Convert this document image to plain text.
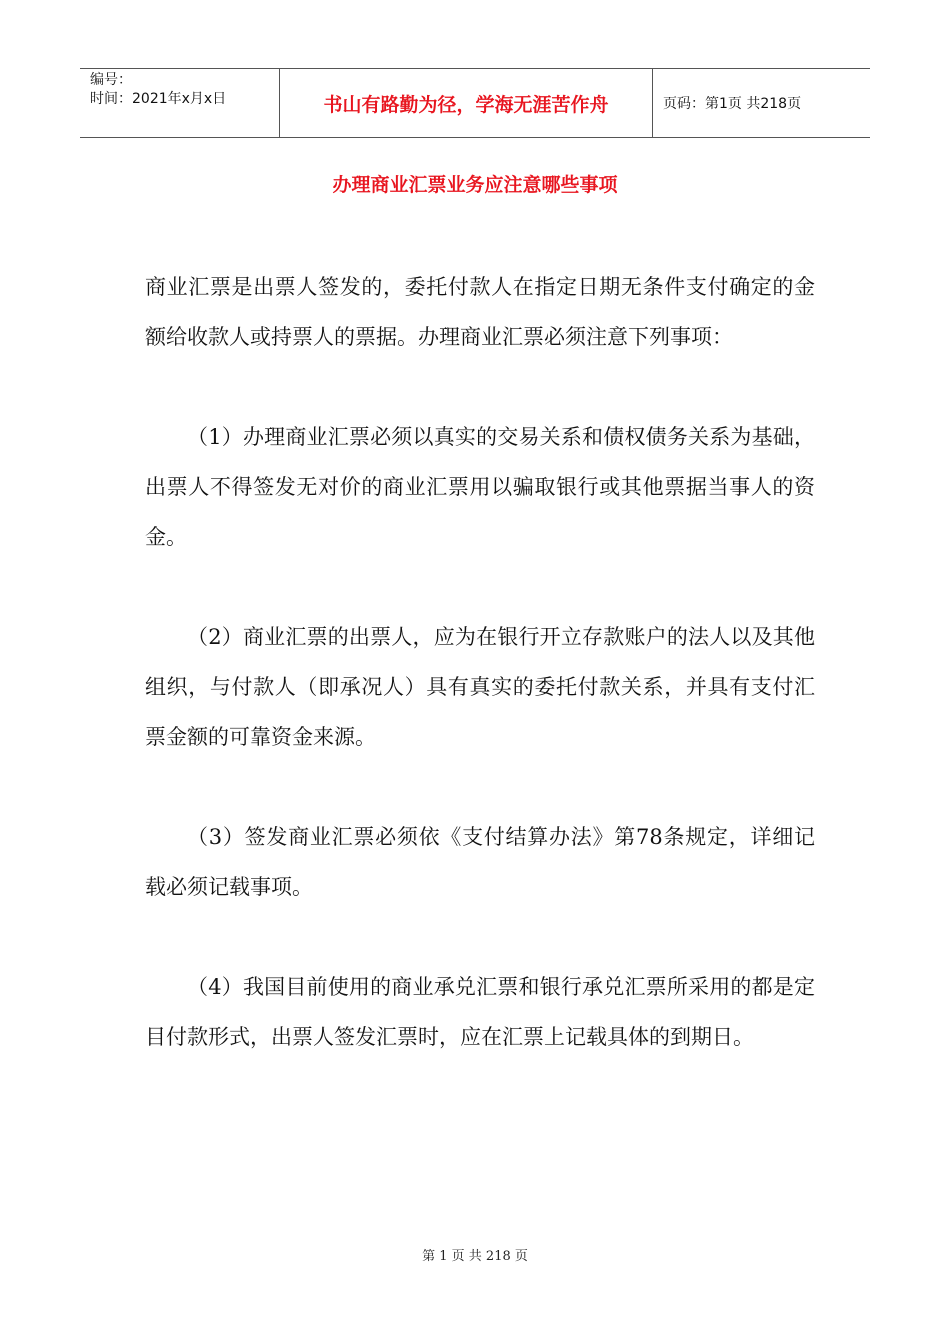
编号：
时间：2021年x月x日	书山有路勤为径，学海无涯苦作舟	页码：第1页 共218页
办理商业汇票业务应注意哪些事项

商业汇票是出票人签发的，委托付款人在指定日期无条件支付确定的金额给收款人或持票人的票据。办理商业汇票必须注意下列事项：

（1）办理商业汇票必须以真实的交易关系和债权债务关系为基础，出票人不得签发无对价的商业汇票用以骗取银行或其他票据当事人的资金。

（2）商业汇票的出票人，应为在银行开立存款账户的法人以及其他组织，与付款人（即承况人）具有真实的委托付款关系，并具有支付汇票金额的可靠资金来源。

（3）签发商业汇票必须依《支付结算办法》第78条规定，详细记载必须记载事项。

（4）我国目前使用的商业承兑汇票和银行承兑汇票所采用的都是定目付款形式，出票人签发汇票时，应在汇票上记载具体的到期日。

第 1 页 共 218 页
